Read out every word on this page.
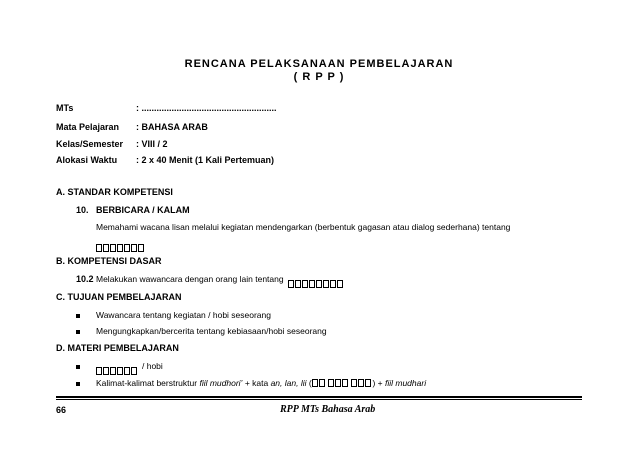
RENCANA PELAKSANAAN PEMBELAJARAN
( R P P )
MTs	: ......................................................
Mata Pelajaran : BAHASA ARAB
Kelas/Semester : VIII / 2
Alokasi Waktu : 2 x 40 Menit (1 Kali Pertemuan)
A. STANDAR KOMPETENSI
10. BERBICARA / KALAM
Memahami wacana lisan melalui kegiatan mendengarkan (berbentuk gagasan atau dialog sederhana) tentang
B. KOMPETENSI DASAR
10.2 Melakukan wawancara dengan orang lain tentang
C. TUJUAN PEMBELAJARAN
Wawancara tentang kegiatan / hobi seseorang
Mengungkapkan/bercerita tentang kebiasaan/hobi seseorang
D. MATERI PEMBELAJARAN
/ hobi
Kalimat-kalimat berstruktur fiil mudhori’ + kata an, lan, lii (	) + fiil mudhari
66	RPP MTs Bahasa Arab
